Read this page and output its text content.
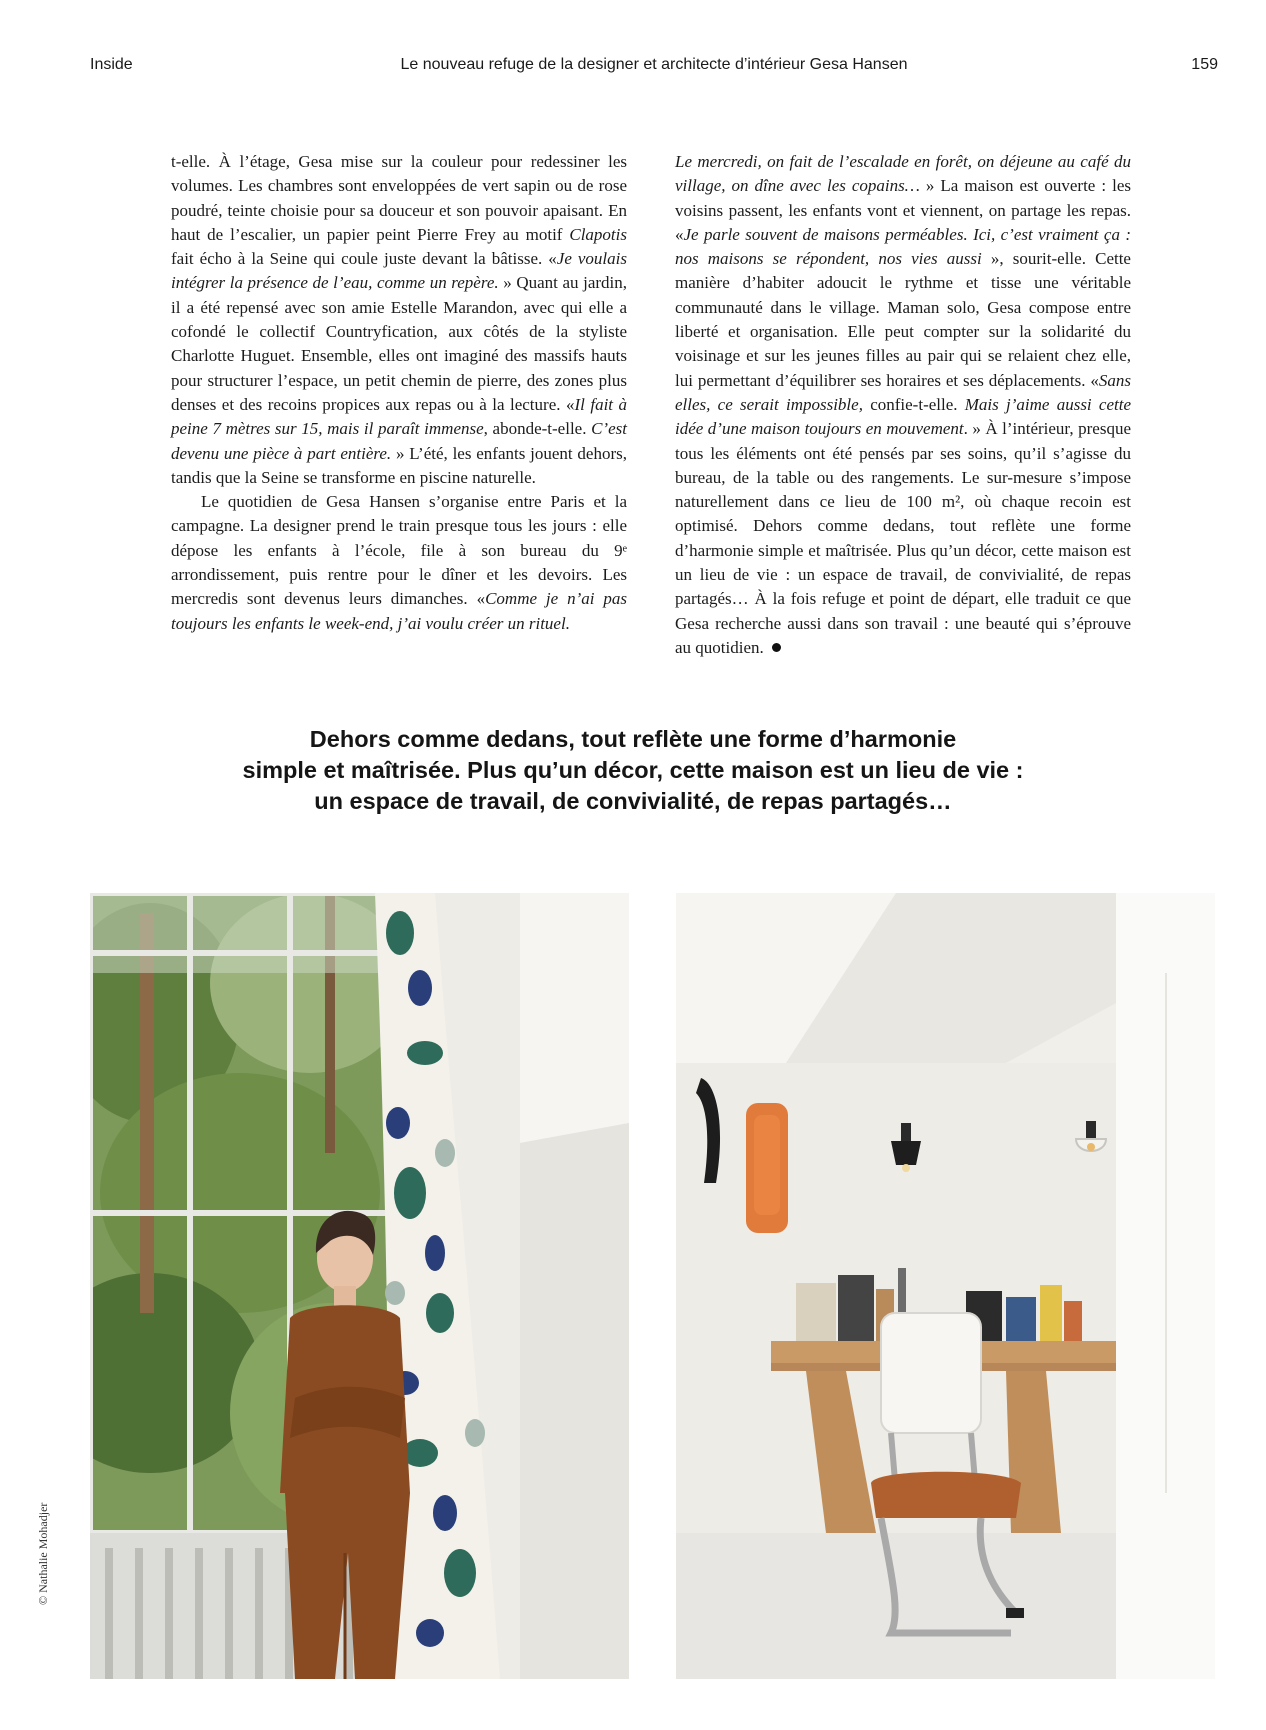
Inside	Le nouveau refuge de la designer et architecte d’intérieur Gesa Hansen	159

t-elle. À l’étage, Gesa mise sur la couleur pour redessiner les volumes. Les chambres sont enveloppées de vert sapin ou de rose poudré, teinte choisie pour sa douceur et son pouvoir apaisant. En haut de l’escalier, un papier peint Pierre Frey au motif Clapotis fait écho à la Seine qui coule juste devant la bâtisse. «Je voulais intégrer la présence de l’eau, comme un repère. » Quant au jardin, il a été repensé avec son amie Estelle Marandon, avec qui elle a cofondé le collectif Countryfication, aux côtés de la styliste Charlotte Huguet. Ensemble, elles ont imaginé des massifs hauts pour structurer l’espace, un petit chemin de pierre, des zones plus denses et des recoins propices aux repas ou à la lecture. «Il fait à peine 7 mètres sur 15, mais il paraît immense, abonde-t-elle. C’est devenu une pièce à part entière. » L’été, les enfants jouent dehors, tandis que la Seine se transforme en piscine naturelle.

Le quotidien de Gesa Hansen s’organise entre Paris et la campagne. La designer prend le train presque tous les jours : elle dépose les enfants à l’école, file à son bureau du 9ᵉ arrondissement, puis rentre pour le dîner et les devoirs. Les mercredis sont devenus leurs dimanches. «Comme je n’ai pas toujours les enfants le week-end, j’ai voulu créer un rituel.

Le mercredi, on fait de l’escalade en forêt, on déjeune au café du village, on dîne avec les copains… » La maison est ouverte : les voisins passent, les enfants vont et viennent, on partage les repas. «Je parle souvent de maisons perméables. Ici, c’est vraiment ça : nos maisons se répondent, nos vies aussi », sourit-elle. Cette manière d’habiter adoucit le rythme et tisse une véritable communauté dans le village. Maman solo, Gesa compose entre liberté et organisation. Elle peut compter sur la solidarité du voisinage et sur les jeunes filles au pair qui se relaient chez elle, lui permettant d’équilibrer ses horaires et ses déplacements. «Sans elles, ce serait impossible, confie-t-elle. Mais j’aime aussi cette idée d’une maison toujours en mouvement. » À l’intérieur, presque tous les éléments ont été pensés par ses soins, qu’il s’agisse du bureau, de la table ou des rangements. Le sur-mesure s’impose naturellement dans ce lieu de 100 m², où chaque recoin est optimisé. Dehors comme dedans, tout reflète une forme d’harmonie simple et maîtrisée. Plus qu’un décor, cette maison est un lieu de vie : un espace de travail, de convivialité, de repas partagés… À la fois refuge et point de départ, elle traduit ce que Gesa recherche aussi dans son travail : une beauté qui s’éprouve au quotidien.

Dehors comme dedans, tout reflète une forme d’harmonie
simple et maîtrisée. Plus qu’un décor, cette maison est un lieu de vie :
un espace de travail, de convivialité, de repas partagés…
© Nathalie Mohadjer
